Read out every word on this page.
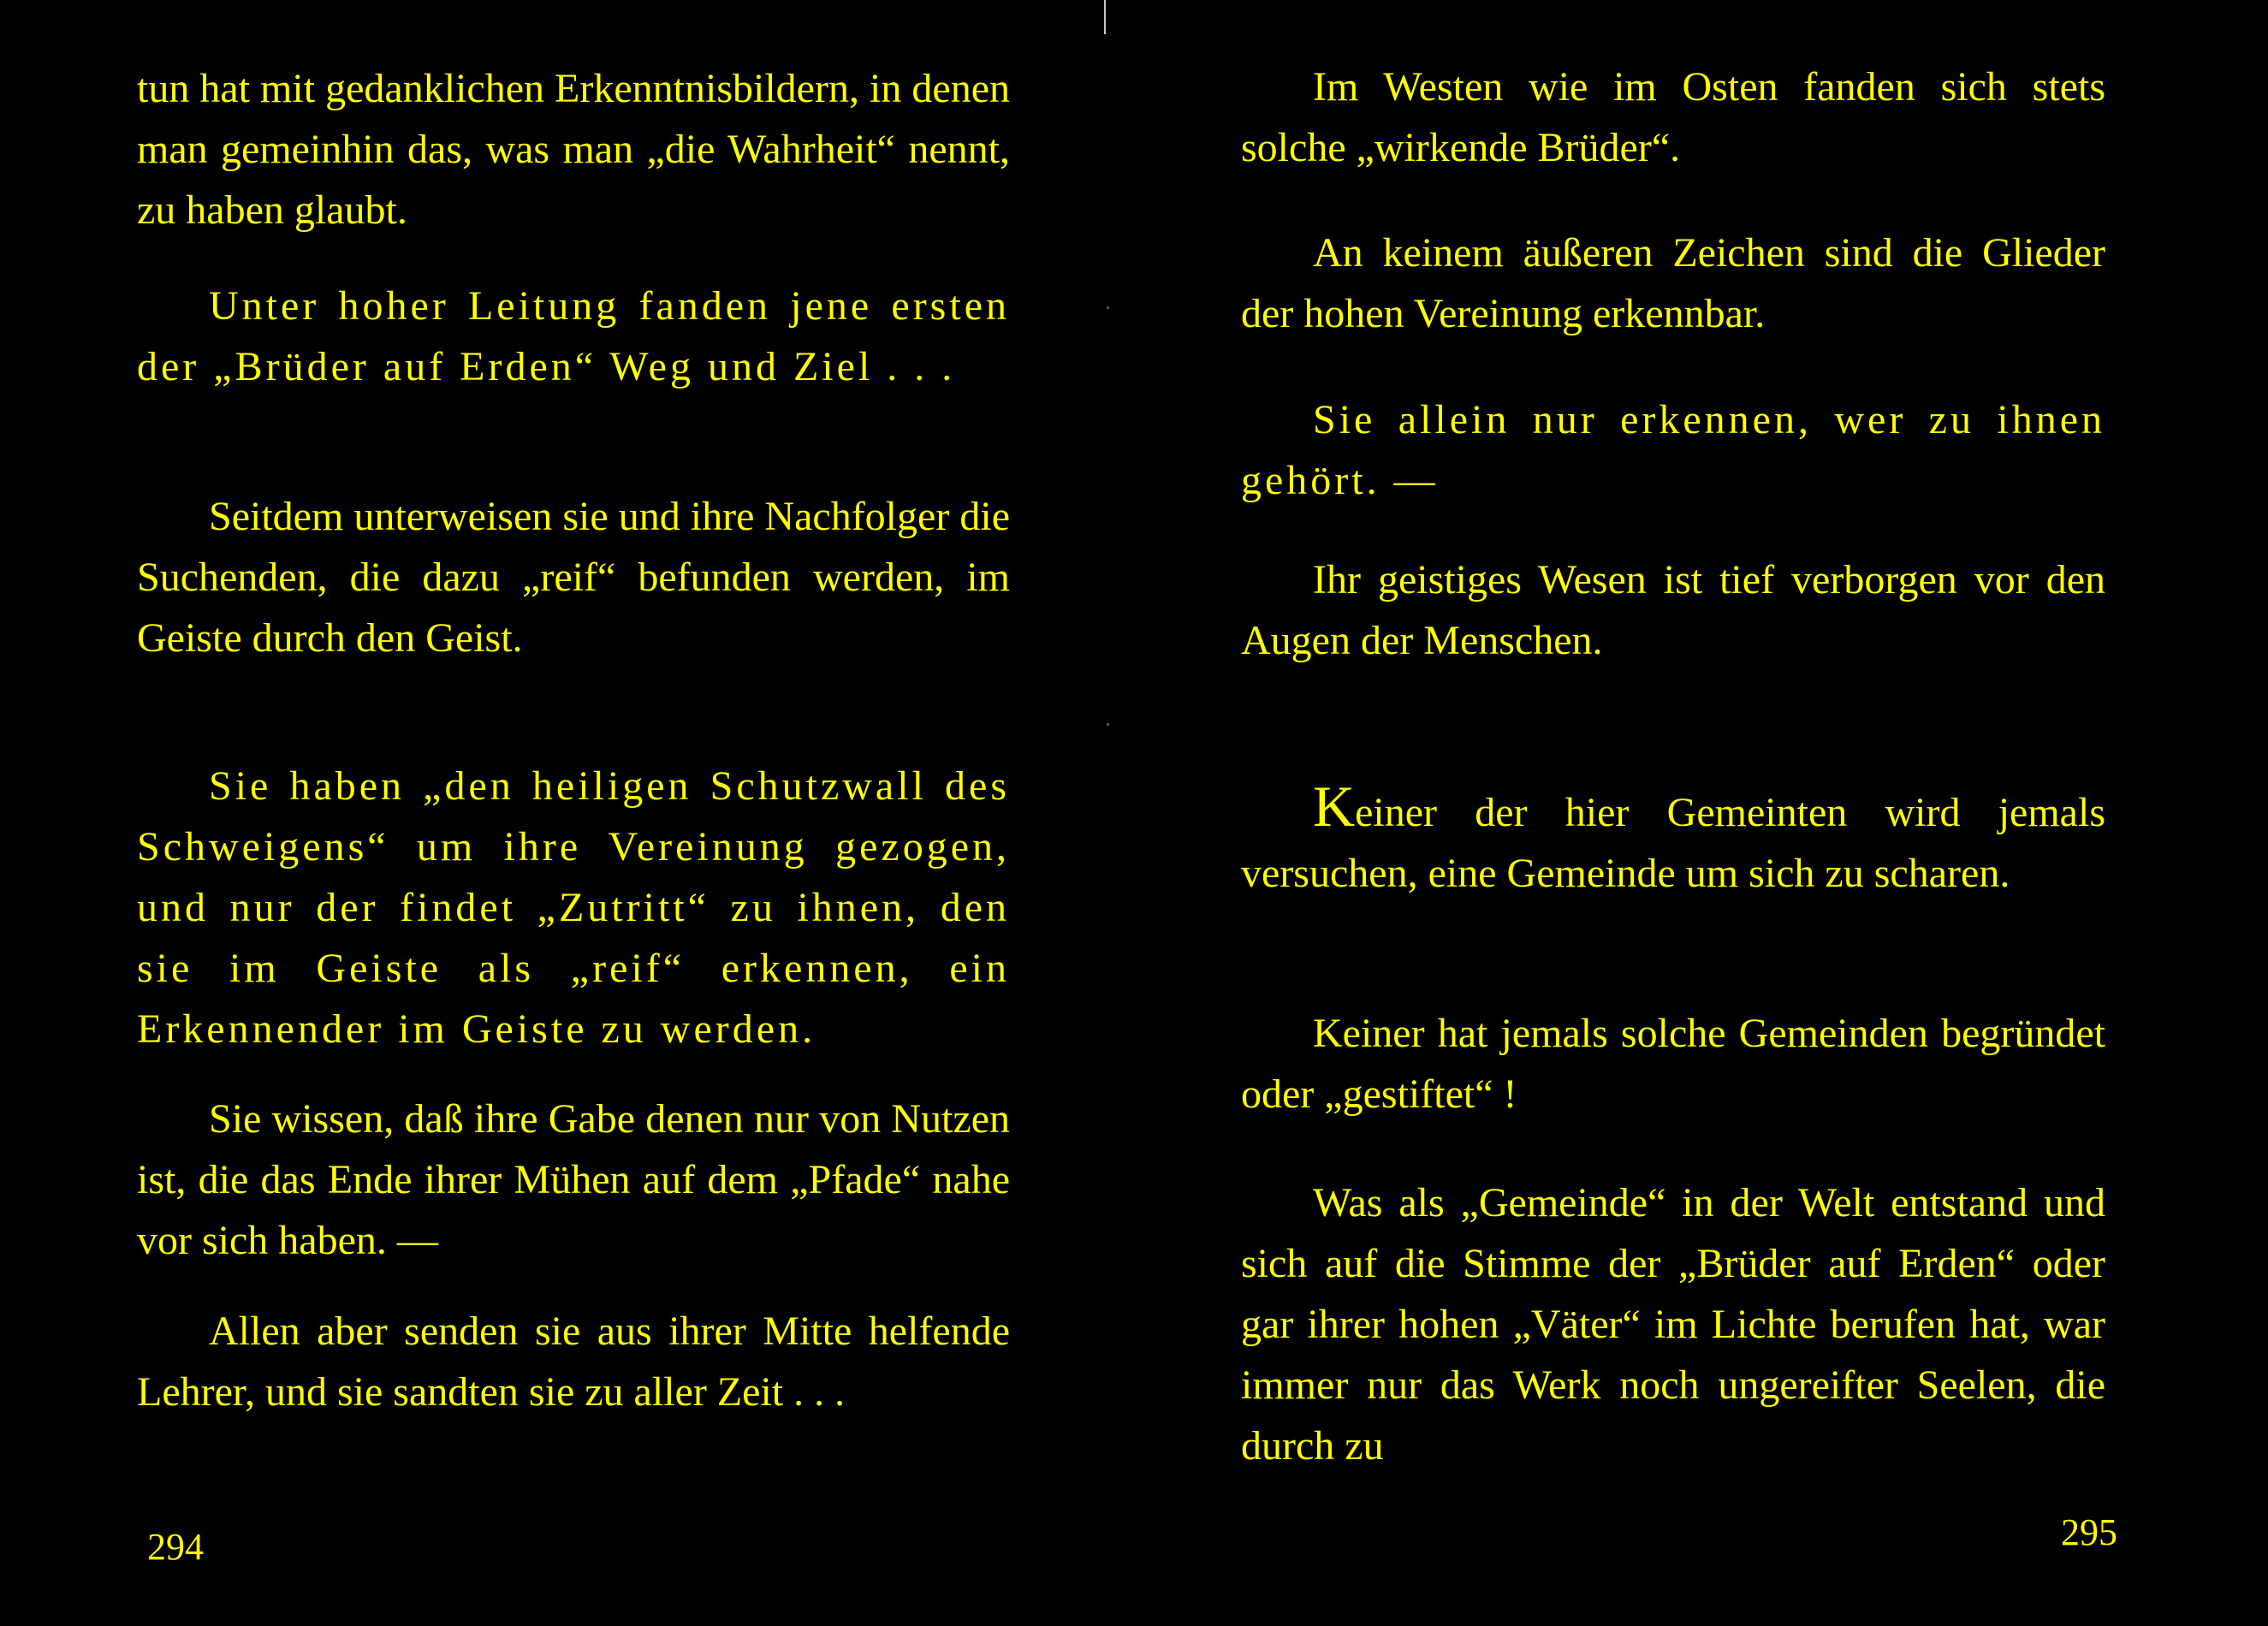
tun hat mit gedanklichen Erkenntnisbildern, in denen man gemeinhin das, was man „die Wahrheit“ nennt, zu haben glaubt.

Unter hoher Leitung fanden jene ersten der „Brüder auf Erden“ Weg und Ziel . . .

Seitdem unterweisen sie und ihre Nachfolger die Suchenden, die dazu „reif“ befunden werden, im Geiste durch den Geist.

Sie haben „den heiligen Schutzwall des Schweigens“ um ihre Vereinung gezogen, und nur der findet „Zutritt“ zu ihnen, den sie im Geiste als „reif“ erkennen, ein Erkennender im Geiste zu werden.

Sie wissen, daß ihre Gabe denen nur von Nutzen ist, die das Ende ihrer Mühen auf dem „Pfade“ nahe vor sich haben. —

Allen aber senden sie aus ihrer Mitte helfende Lehrer, und sie sandten sie zu aller Zeit . . .

294

Im Westen wie im Osten fanden sich stets solche „wirkende Brüder“.

An keinem äußeren Zeichen sind die Glieder der hohen Vereinung erkennbar.

Sie allein nur erkennen, wer zu ihnen gehört. —

Ihr geistiges Wesen ist tief verborgen vor den Augen der Menschen.

Keiner der hier Gemeinten wird jemals versuchen, eine Gemeinde um sich zu scharen.

Keiner hat jemals solche Gemeinden begründet oder „gestiftet“ !

Was als „Gemeinde“ in der Welt entstand und sich auf die Stimme der „Brüder auf Erden“ oder gar ihrer hohen „Väter“ im Lichte berufen hat, war immer nur das Werk noch ungereifter Seelen, die durch zu

295
